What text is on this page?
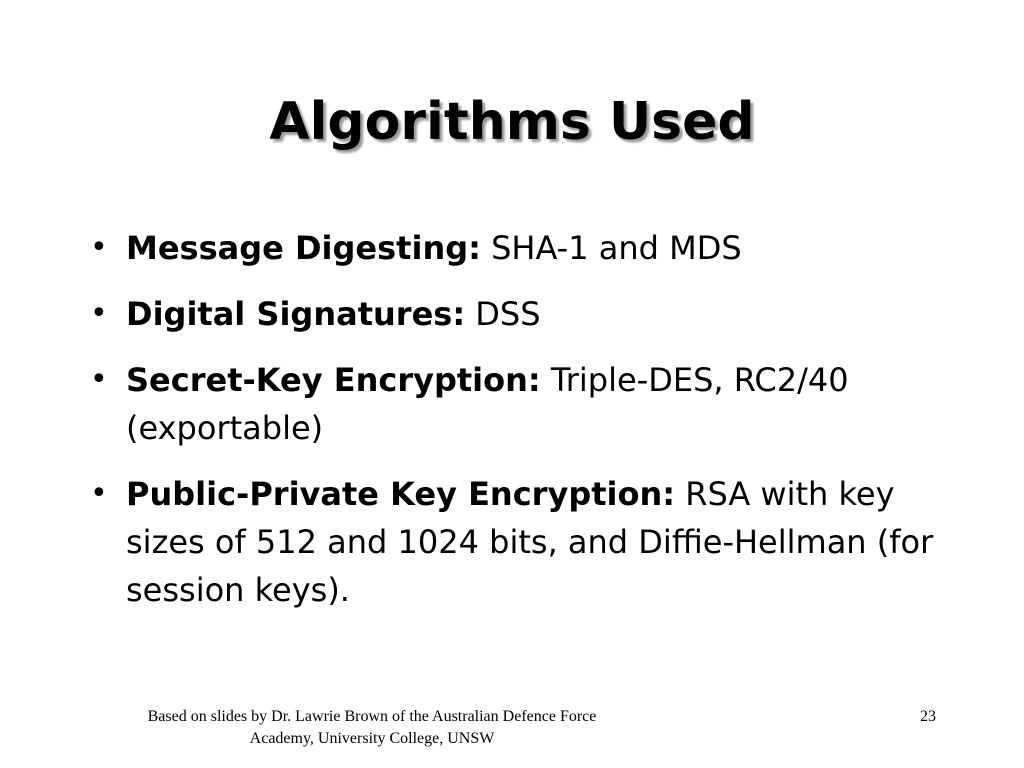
Algorithms Used
• Message Digesting: SHA-1 and MDS
• Digital Signatures: DSS
• Secret-Key Encryption: Triple-DES, RC2/40 (exportable)
• Public-Private Key Encryption: RSA with key sizes of 512 and 1024 bits, and Diffie-Hellman (for session keys).
Based on slides by Dr. Lawrie Brown of the Australian Defence Force
Academy, University College, UNSW
23
